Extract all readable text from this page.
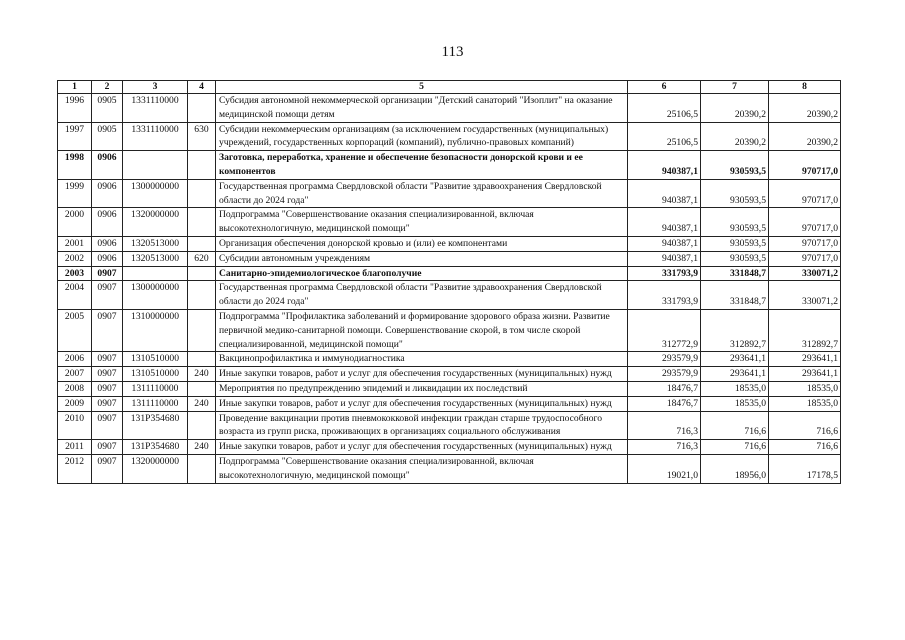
113
1	2	3	4	5	6	7	8
1996	0905	1331110000		Субсидия автономной некоммерческой организации "Детский санаторий "Изоплит" на оказание медицинской помощи детям	25106,5	20390,2	20390,2
1997	0905	1331110000	630	Субсидии некоммерческим организациям (за исключением государственных (муниципальных) учреждений, государственных корпораций (компаний), публично-правовых компаний)	25106,5	20390,2	20390,2
1998	0906			Заготовка, переработка, хранение и обеспечение безопасности донорской крови и ее компонентов	940387,1	930593,5	970717,0
1999	0906	1300000000		Государственная программа Свердловской области "Развитие здравоохранения Свердловской области до 2024 года"	940387,1	930593,5	970717,0
2000	0906	1320000000		Подпрограмма "Совершенствование оказания специализированной, включая высокотехнологичную, медицинской помощи"	940387,1	930593,5	970717,0
2001	0906	1320513000		Организация обеспечения донорской кровью и (или) ее компонентами	940387,1	930593,5	970717,0
2002	0906	1320513000	620	Субсидии автономным учреждениям	940387,1	930593,5	970717,0
2003	0907			Санитарно-эпидемиологическое благополучие	331793,9	331848,7	330071,2
2004	0907	1300000000		Государственная программа Свердловской области "Развитие здравоохранения Свердловской области до 2024 года"	331793,9	331848,7	330071,2
2005	0907	1310000000		Подпрограмма "Профилактика заболеваний и формирование здорового образа жизни. Развитие первичной медико-санитарной помощи. Совершенствование скорой, в том числе скорой специализированной, медицинской помощи"	312772,9	312892,7	312892,7
2006	0907	1310510000		Вакцинопрофилактика и иммунодиагностика	293579,9	293641,1	293641,1
2007	0907	1310510000	240	Иные закупки товаров, работ и услуг для обеспечения государственных (муниципальных) нужд	293579,9	293641,1	293641,1
2008	0907	1311110000		Мероприятия по предупреждению эпидемий и ликвидации их последствий	18476,7	18535,0	18535,0
2009	0907	1311110000	240	Иные закупки товаров, работ и услуг для обеспечения государственных (муниципальных) нужд	18476,7	18535,0	18535,0
2010	0907	131P354680		Проведение вакцинации против пневмококковой инфекции граждан старше трудоспособного возраста из групп риска, проживающих в организациях социального обслуживания	716,3	716,6	716,6
2011	0907	131P354680	240	Иные закупки товаров, работ и услуг для обеспечения государственных (муниципальных) нужд	716,3	716,6	716,6
2012	0907	1320000000		Подпрограмма "Совершенствование оказания специализированной, включая высокотехнологичную, медицинской помощи"	19021,0	18956,0	17178,5
